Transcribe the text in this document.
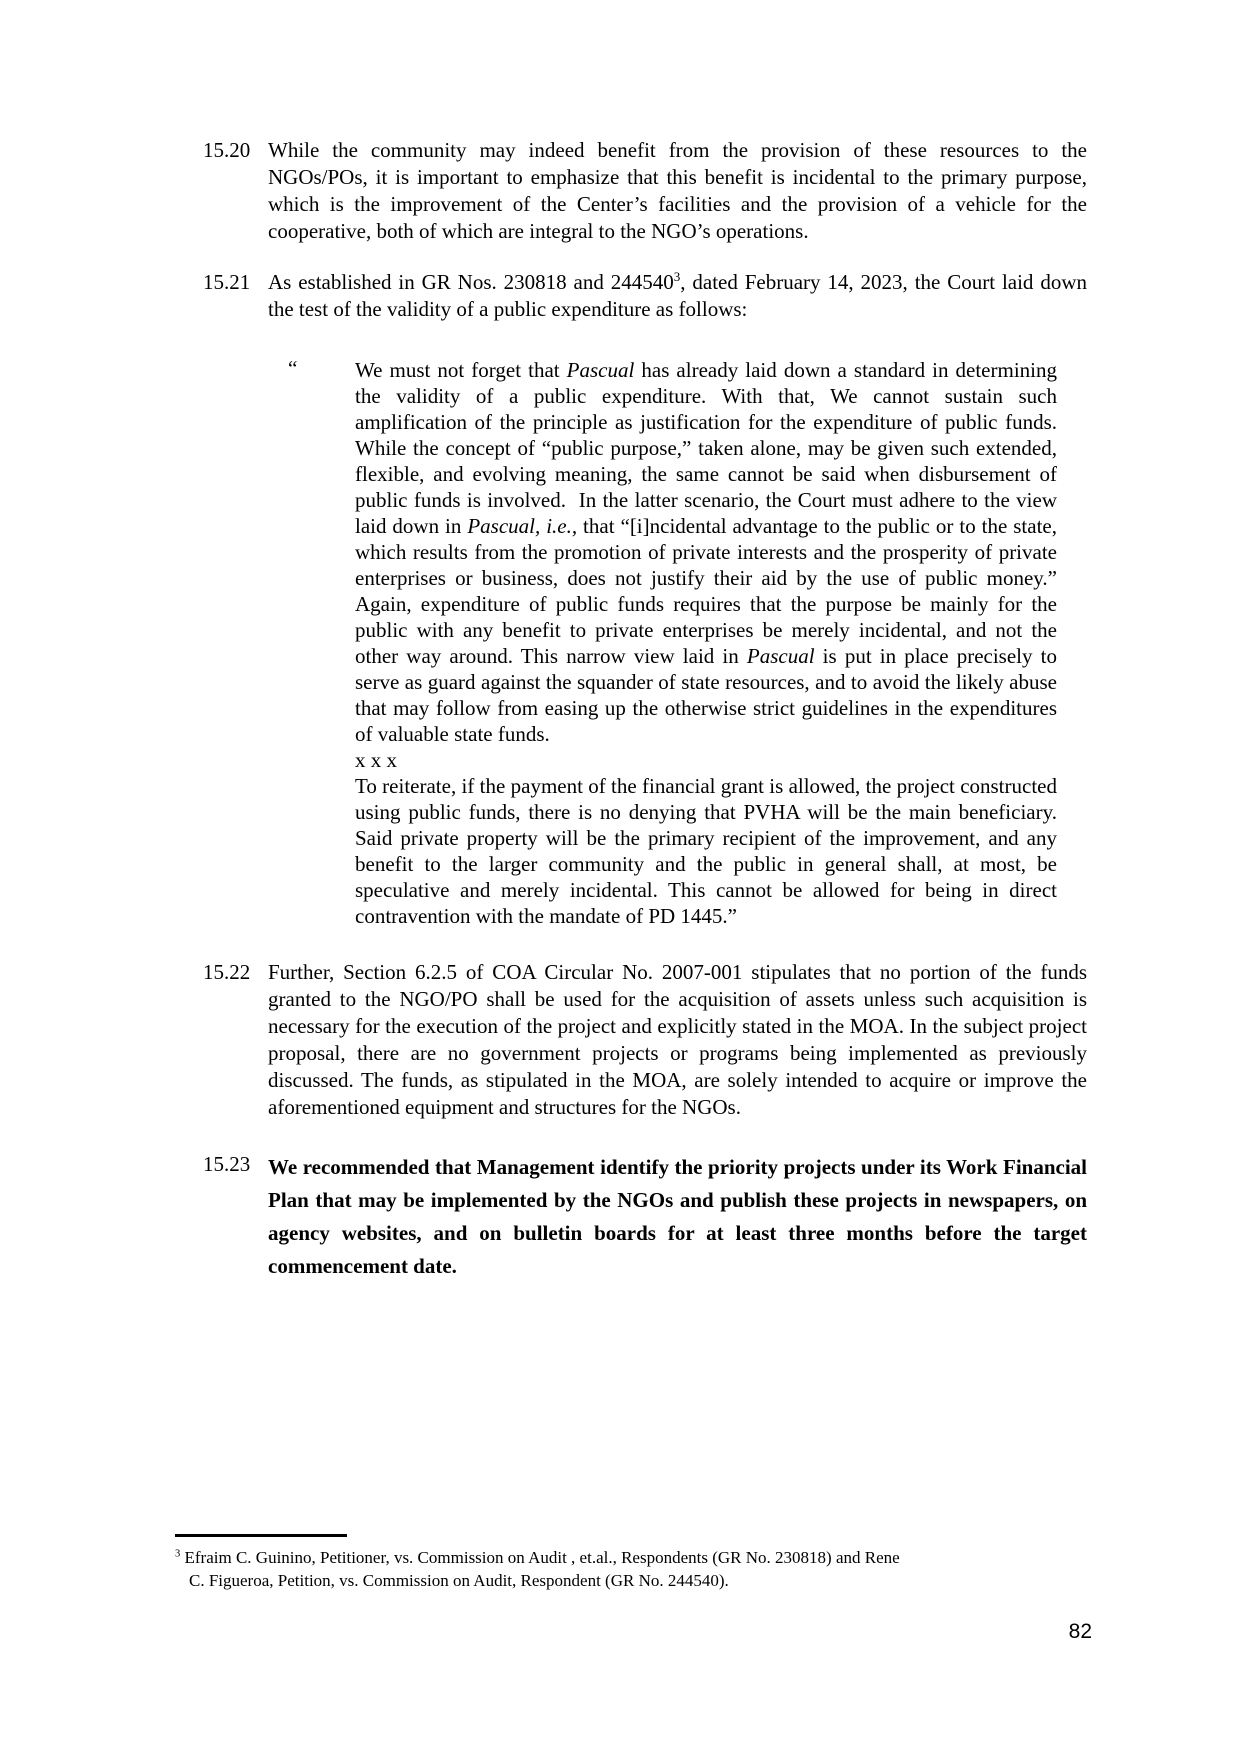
15.20 While the community may indeed benefit from the provision of these resources to the NGOs/POs, it is important to emphasize that this benefit is incidental to the primary purpose, which is the improvement of the Center’s facilities and the provision of a vehicle for the cooperative, both of which are integral to the NGO’s operations.
15.21 As established in GR Nos. 230818 and 244540$^3$, dated February 14, 2023, the Court laid down the test of the validity of a public expenditure as follows:
“	We must not forget that Pascual has already laid down a standard in determining the validity of a public expenditure. With that, We cannot sustain such amplification of the principle as justification for the expenditure of public funds. While the concept of “public purpose,” taken alone, may be given such extended, flexible, and evolving meaning, the same cannot be said when disbursement of public funds is involved.  In the latter scenario, the Court must adhere to the view laid down in Pascual, i.e., that “[i]ncidental advantage to the public or to the state, which results from the promotion of private interests and the prosperity of private enterprises or business, does not justify their aid by the use of public money.” Again, expenditure of public funds requires that the purpose be mainly for the public with any benefit to private enterprises be merely incidental, and not the other way around. This narrow view laid in Pascual is put in place precisely to serve as guard against the squander of state resources, and to avoid the likely abuse that may follow from easing up the otherwise strict guidelines in the expenditures of valuable state funds.
x x x
To reiterate, if the payment of the financial grant is allowed, the project constructed using public funds, there is no denying that PVHA will be the main beneficiary. Said private property will be the primary recipient of the improvement, and any benefit to the larger community and the public in general shall, at most, be speculative and merely incidental. This cannot be allowed for being in direct contravention with the mandate of PD 1445.”
15.22 Further, Section 6.2.5 of COA Circular No. 2007-001 stipulates that no portion of the funds granted to the NGO/PO shall be used for the acquisition of assets unless such acquisition is necessary for the execution of the project and explicitly stated in the MOA. In the subject project proposal, there are no government projects or programs being implemented as previously discussed. The funds, as stipulated in the MOA, are solely intended to acquire or improve the aforementioned equipment and structures for the NGOs.
15.23 We recommended that Management identify the priority projects under its Work Financial Plan that may be implemented by the NGOs and publish these projects in newspapers, on agency websites, and on bulletin boards for at least three months before the target commencement date.
$^3$ Efraim C. Guinino, Petitioner, vs. Commission on Audit , et.al., Respondents (GR No. 230818) and Rene
C. Figueroa, Petition, vs. Commission on Audit, Respondent (GR No. 244540).
82
